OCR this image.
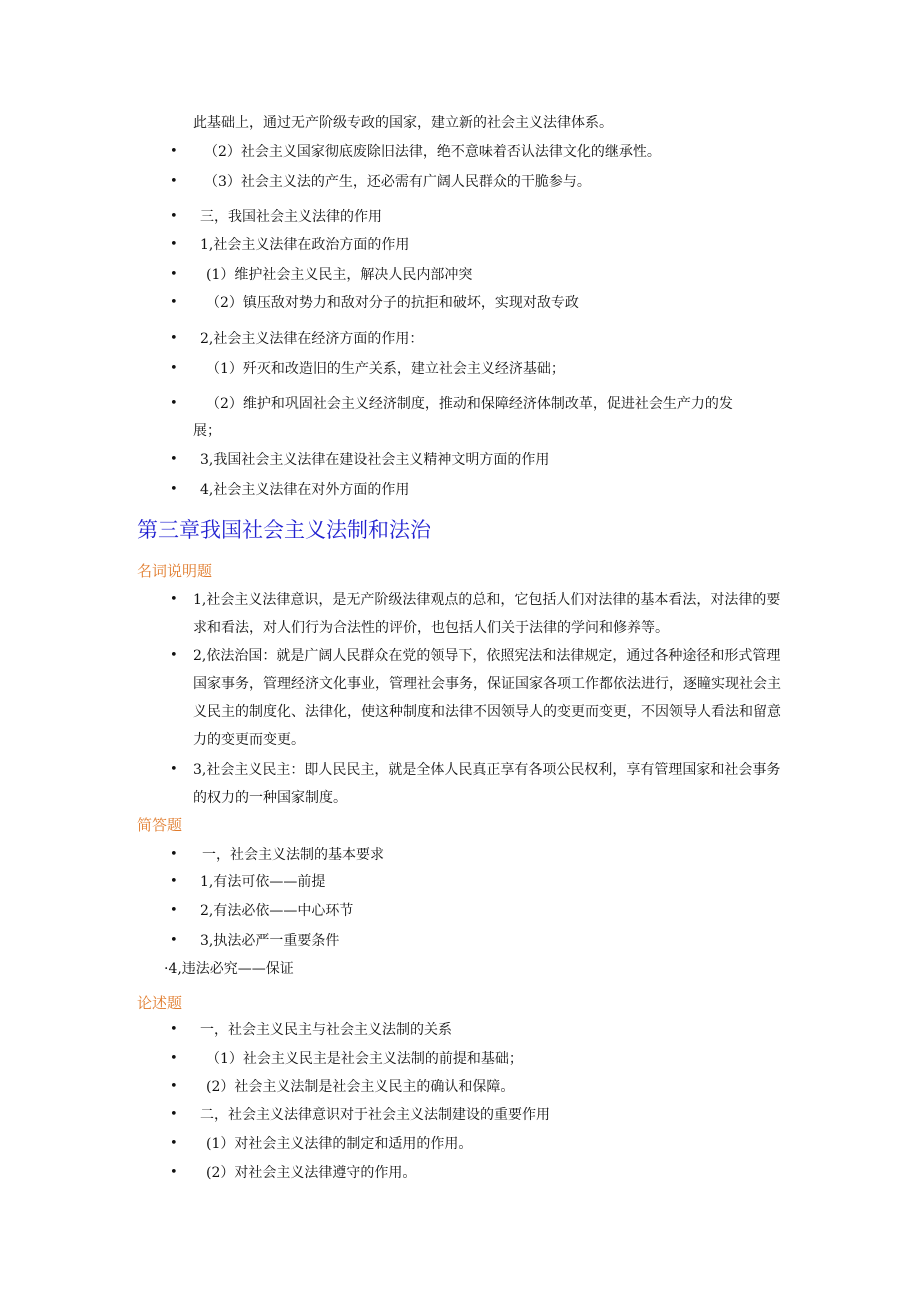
此基础上，通过无产阶级专政的国家，建立新的社会主义法律体系。
• （2）社会主义国家彻底废除旧法律，绝不意味着否认法律文化的继承性。
• （3）社会主义法的产生，还必需有广阔人民群众的干脆参与。
• 三，我国社会主义法律的作用
• 1,社会主义法律在政治方面的作用
• (1）维护社会主义民主，解决人民内部冲突
• （2）镇压敌对势力和敌对分子的抗拒和破坏，实现对敌专政
• 2,社会主义法律在经济方面的作用：
• （1）歼灭和改造旧的生产关系，建立社会主义经济基础；
• （2）维护和巩固社会主义经济制度，推动和保障经济体制改革，促进社会生产力的发
展；
• 3,我国社会主义法律在建设社会主义精神文明方面的作用
• 4,社会主义法律在对外方面的作用
第三章我国社会主义法制和法治
名词说明题
• 1,社会主义法律意识，是无产阶级法律观点的总和，它包括人们对法律的基本看法，对法律的要求和看法，对人们行为合法性的评价，也包括人们关于法律的学问和修养等。
• 2,依法治国：就是广阔人民群众在党的领导下，依照宪法和法律规定，通过各种途径和形式管理国家事务，管理经济文化事业，管理社会事务，保证国家各项工作都依法进行，逐瞳实现社会主义民主的制度化、法律化，使这种制度和法律不因领导人的变更而变更，不因领导人看法和留意力的变更而变更。
• 3,社会主义民主：即人民民主，就是全体人民真正享有各项公民权利，享有管理国家和社会事务的权力的一种国家制度。
简答题
• 一，社会主义法制的基本要求
• 1,有法可依——前提
• 2,有法必依——中心环节
• 3,执法必严一重要条件
·4,违法必究——保证
论述题
• 一，社会主义民主与社会主义法制的关系
• （1）社会主义民主是社会主义法制的前提和基础；
• (2）社会主义法制是社会主义民主的确认和保障。
• 二，社会主义法律意识对于社会主义法制建设的重要作用
• (1）对社会主义法律的制定和适用的作用。
• (2）对社会主义法律遵守的作用。
